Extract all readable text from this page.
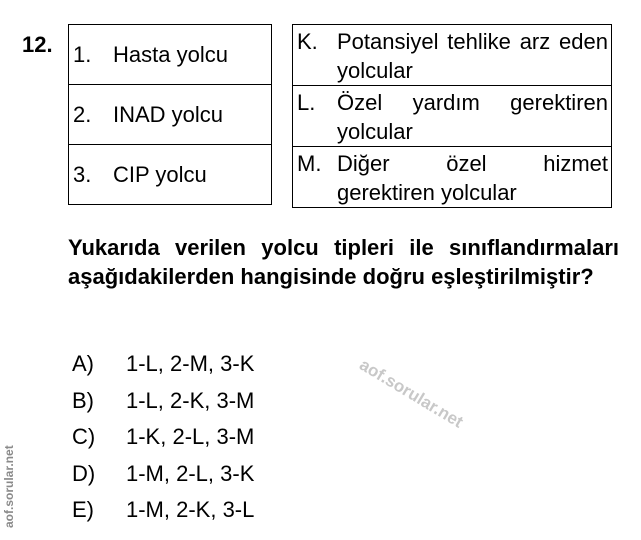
12. 1. Hasta yolcu

2. INAD yolcu

3. CIP yolcu
K. Potansiyel tehlike arz eden yolcular

L. Özel yardım gerektiren yolcular

M. Diğer özel hizmet gerektiren yolcular
Yukarıda verilen yolcu tipleri ile sınıflandırmaları aşağıdakilerden hangisinde doğru eşleştirilmiştir?
A)	1-L, 2-M, 3-K
B)	1-L, 2-K, 3-M
C)	1-K, 2-L, 3-M
D)	1-M, 2-L, 3-K
E)	1-M, 2-K, 3-L
aof.sorular.net
aof.sorular.net
